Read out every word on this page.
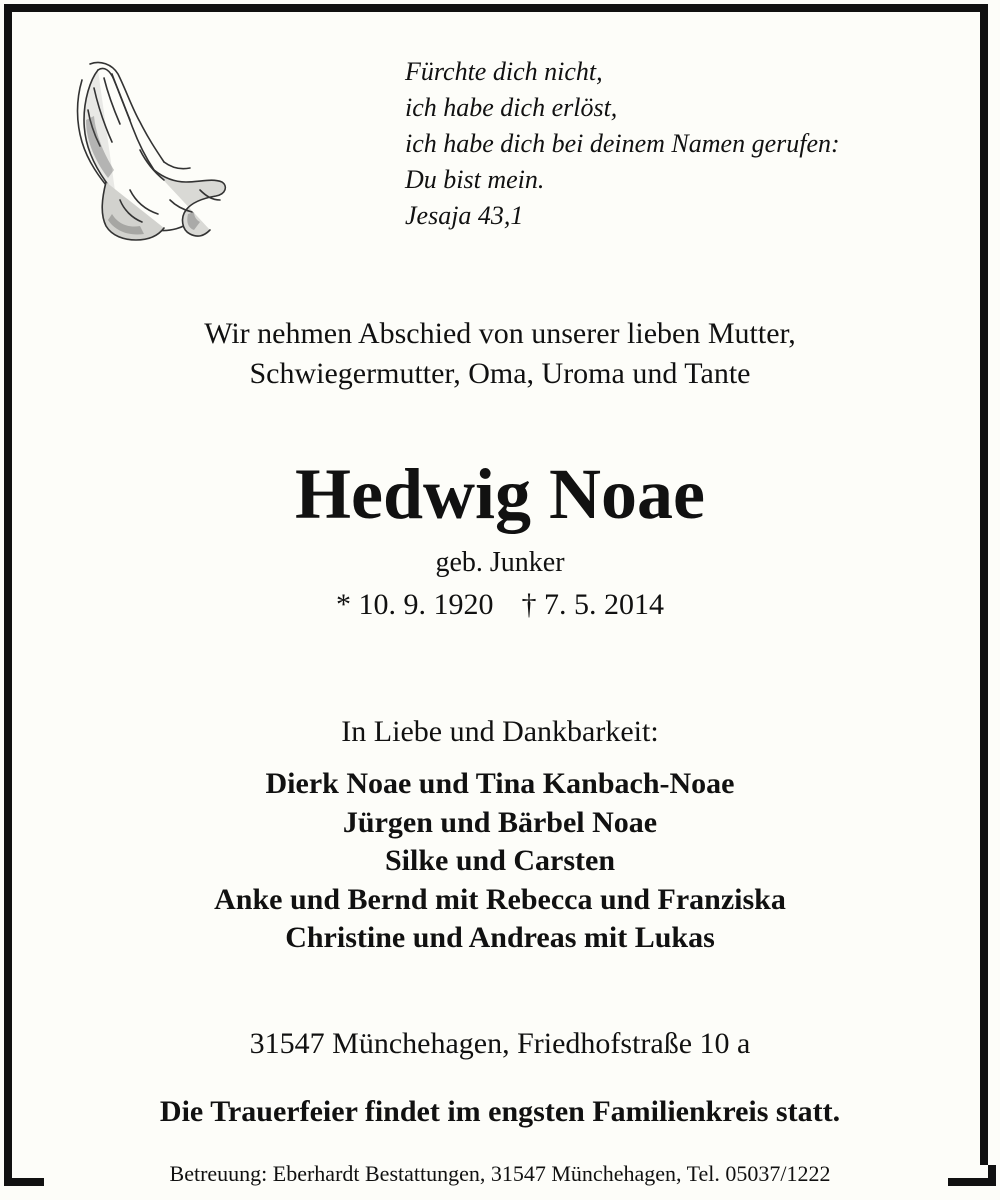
Fürchte dich nicht,
ich habe dich erlöst,
ich habe dich bei deinem Namen gerufen:
Du bist mein.
Jesaja 43,1
Wir nehmen Abschied von unserer lieben Mutter,
Schwiegermutter, Oma, Uroma und Tante
Hedwig Noae
geb. Junker
* 10. 9. 1920 † 7. 5. 2014
In Liebe und Dankbarkeit:
Dierk Noae und Tina Kanbach-Noae
Jürgen und Bärbel Noae
Silke und Carsten
Anke und Bernd mit Rebecca und Franziska
Christine und Andreas mit Lukas
31547 Münchehagen, Friedhofstraße 10 a
Die Trauerfeier findet im engsten Familienkreis statt.
Betreuung: Eberhardt Bestattungen, 31547 Münchehagen, Tel. 05037/1222
